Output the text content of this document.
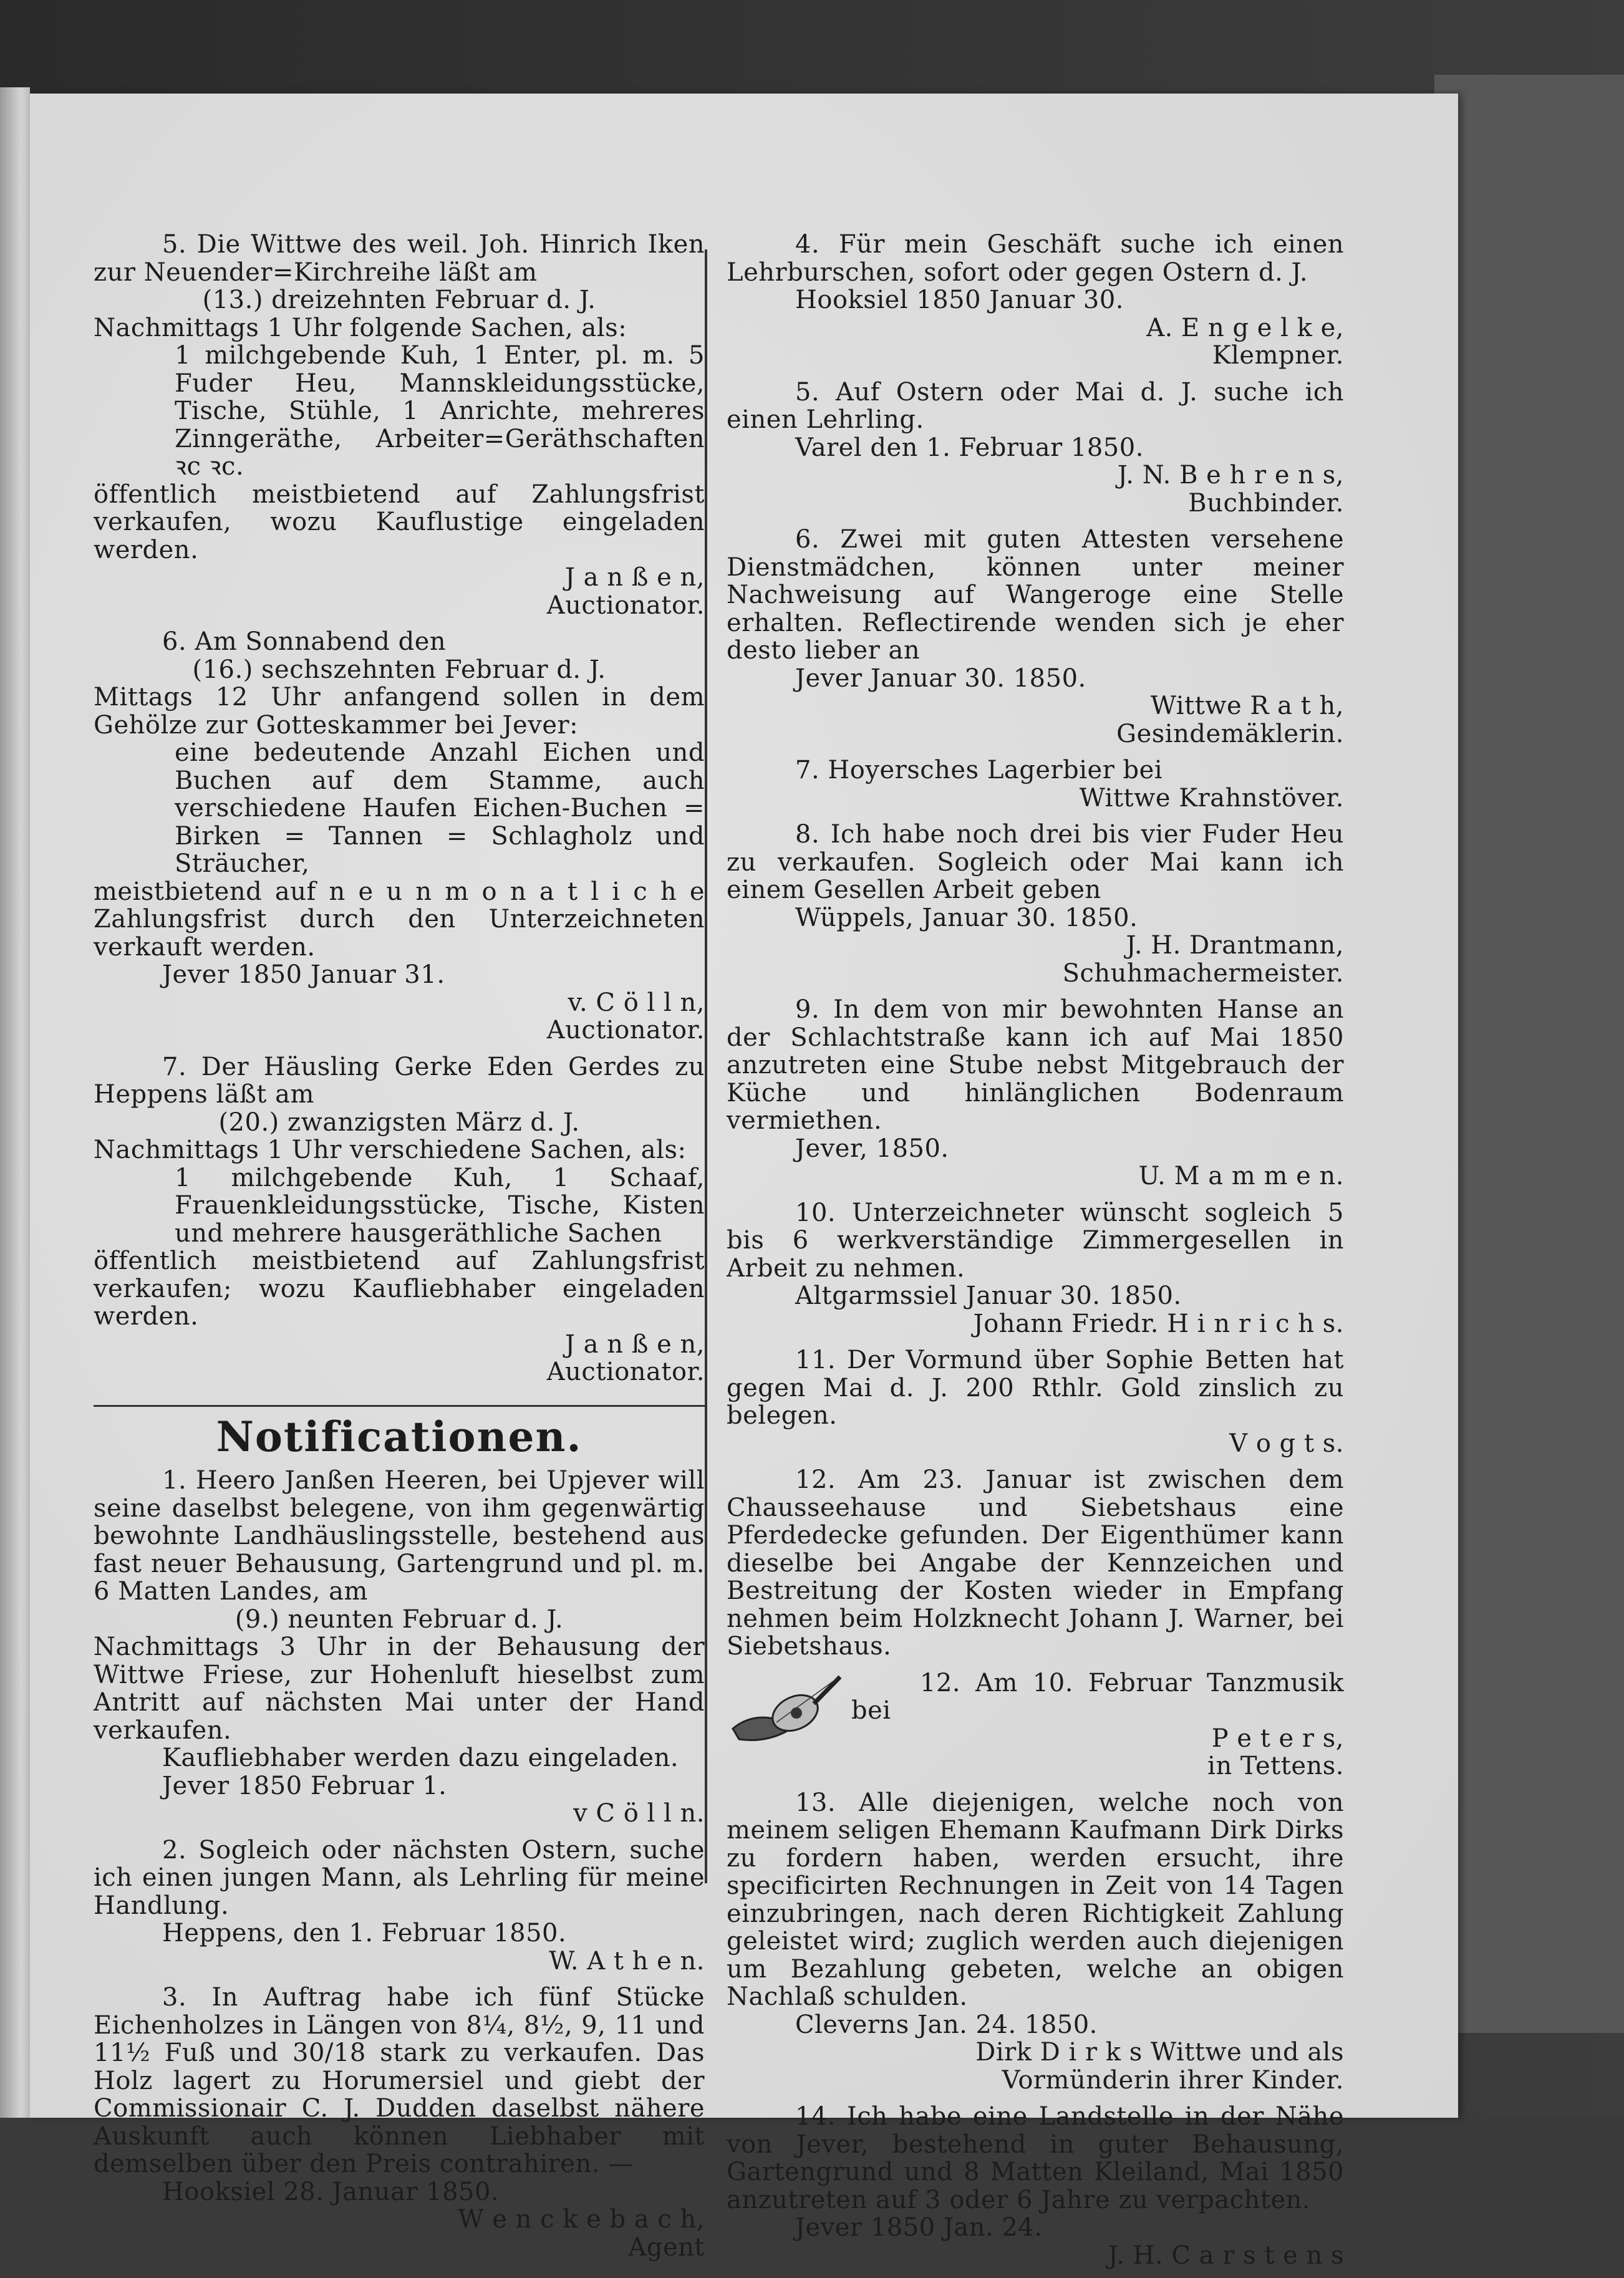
5. Die Wittwe des weil. Joh. Hinrich Iken zur Neuender=Kirchreihe läßt am

(13.) dreizehnten Februar d. J.

Nachmittags 1 Uhr folgende Sachen, als:

1 milchgebende Kuh, 1 Enter, pl. m. 5 Fuder Heu, Mannskleidungsstücke, Tische, Stühle, 1 Anrichte, mehreres Zinngeräthe, Arbeiter=Geräthschaften ꝛc ꝛc.

öffentlich meistbietend auf Zahlungsfrist verkaufen, wozu Kauflustige eingeladen werden.

J a n ß e n,

Auctionator.

6. Am Sonnabend den

(16.) sechszehnten Februar d. J.

Mittags 12 Uhr anfangend sollen in dem Gehölze zur Gotteskammer bei Jever:

eine bedeutende Anzahl Eichen und Buchen auf dem Stamme, auch verschiedene Haufen Eichen-Buchen = Birken = Tannen = Schlagholz und Sträucher,

meistbietend auf n e u n m o n a t l i c h e Zahlungsfrist durch den Unterzeichneten verkauft werden.

Jever 1850 Januar 31.

v. C ö l l n,

Auctionator.

7. Der Häusling Gerke Eden Gerdes zu Heppens läßt am

(20.) zwanzigsten März d. J.

Nachmittags 1 Uhr verschiedene Sachen, als:

1 milchgebende Kuh, 1 Schaaf, Frauenkleidungsstücke, Tische, Kisten und mehrere hausgeräthliche Sachen

öffentlich meistbietend auf Zahlungsfrist verkaufen; wozu Kaufliebhaber eingeladen werden.

J a n ß e n,

Auctionator.

Notificationen.

1. Heero Janßen Heeren, bei Upjever will seine daselbst belegene, von ihm gegenwärtig bewohnte Landhäuslingsstelle, bestehend aus fast neuer Behausung, Gartengrund und pl. m. 6 Matten Landes, am

(9.) neunten Februar d. J.

Nachmittags 3 Uhr in der Behausung der Wittwe Friese, zur Hohenluft hieselbst zum Antritt auf nächsten Mai unter der Hand verkaufen.

Kaufliebhaber werden dazu eingeladen.

Jever 1850 Februar 1.

v C ö l l n.

2. Sogleich oder nächsten Ostern, suche ich einen jungen Mann, als Lehrling für meine Handlung.

Heppens, den 1. Februar 1850.

W. A t h e n.

3. In Auftrag habe ich fünf Stücke Eichenholzes in Längen von 8¼, 8½, 9, 11 und 11½ Fuß und 30/18 stark zu verkaufen. Das Holz lagert zu Horumersiel und giebt der Commissionair C. J. Dudden daselbst nähere Auskunft auch können Liebhaber mit demselben über den Preis contrahiren. —

Hooksiel 28. Januar 1850.

W e n c k e b a c h,

Agent

4. Für mein Geschäft suche ich einen Lehrburschen, sofort oder gegen Ostern d. J.

Hooksiel 1850 Januar 30.

A. E n g e l k e,

Klempner.

5. Auf Ostern oder Mai d. J. suche ich einen Lehrling.

Varel den 1. Februar 1850.

J. N. B e h r e n s,

Buchbinder.

6. Zwei mit guten Attesten versehene Dienstmädchen, können unter meiner Nachweisung auf Wangeroge eine Stelle erhalten. Reflectirende wenden sich je eher desto lieber an

Jever Januar 30. 1850.

Wittwe R a t h,

Gesindemäklerin.

7. Hoyersches Lagerbier bei

Wittwe Krahnstöver.

8. Ich habe noch drei bis vier Fuder Heu zu verkaufen. Sogleich oder Mai kann ich einem Gesellen Arbeit geben

Wüppels, Januar 30. 1850.

J. H. Drantmann,

Schuhmachermeister.

9. In dem von mir bewohnten Hanse an der Schlachtstraße kann ich auf Mai 1850 anzutreten eine Stube nebst Mitgebrauch der Küche und hinlänglichen Bodenraum vermiethen.

Jever, 1850.

U. M a m m e n.

10. Unterzeichneter wünscht sogleich 5 bis 6 werkverständige Zimmergesellen in Arbeit zu nehmen.

Altgarmssiel Januar 30. 1850.

Johann Friedr. H i n r i c h s.

11. Der Vormund über Sophie Betten hat gegen Mai d. J. 200 Rthlr. Gold zinslich zu belegen.

V o g t s.

12. Am 23. Januar ist zwischen dem Chausseehause und Siebetshaus eine Pferdedecke gefunden. Der Eigenthümer kann dieselbe bei Angabe der Kennzeichen und Bestreitung der Kosten wieder in Empfang nehmen beim Holzknecht Johann J. Warner, bei Siebetshaus.

12. Am 10. Februar Tanzmusik bei

P e t e r s,

in Tettens.

13. Alle diejenigen, welche noch von meinem seligen Ehemann Kaufmann Dirk Dirks zu fordern haben, werden ersucht, ihre specificirten Rechnungen in Zeit von 14 Tagen einzubringen, nach deren Richtigkeit Zahlung geleistet wird; zuglich werden auch diejenigen um Bezahlung gebeten, welche an obigen Nachlaß schulden.

Cleverns Jan. 24. 1850.

Dirk D i r k s Wittwe und als

Vormünderin ihrer Kinder.

14. Ich habe eine Landstelle in der Nähe von Jever, bestehend in guter Behausung, Gartengrund und 8 Matten Kleiland, Mai 1850 anzutreten auf 3 oder 6 Jahre zu verpachten.

Jever 1850 Jan. 24.

J. H. C a r s t e n s
